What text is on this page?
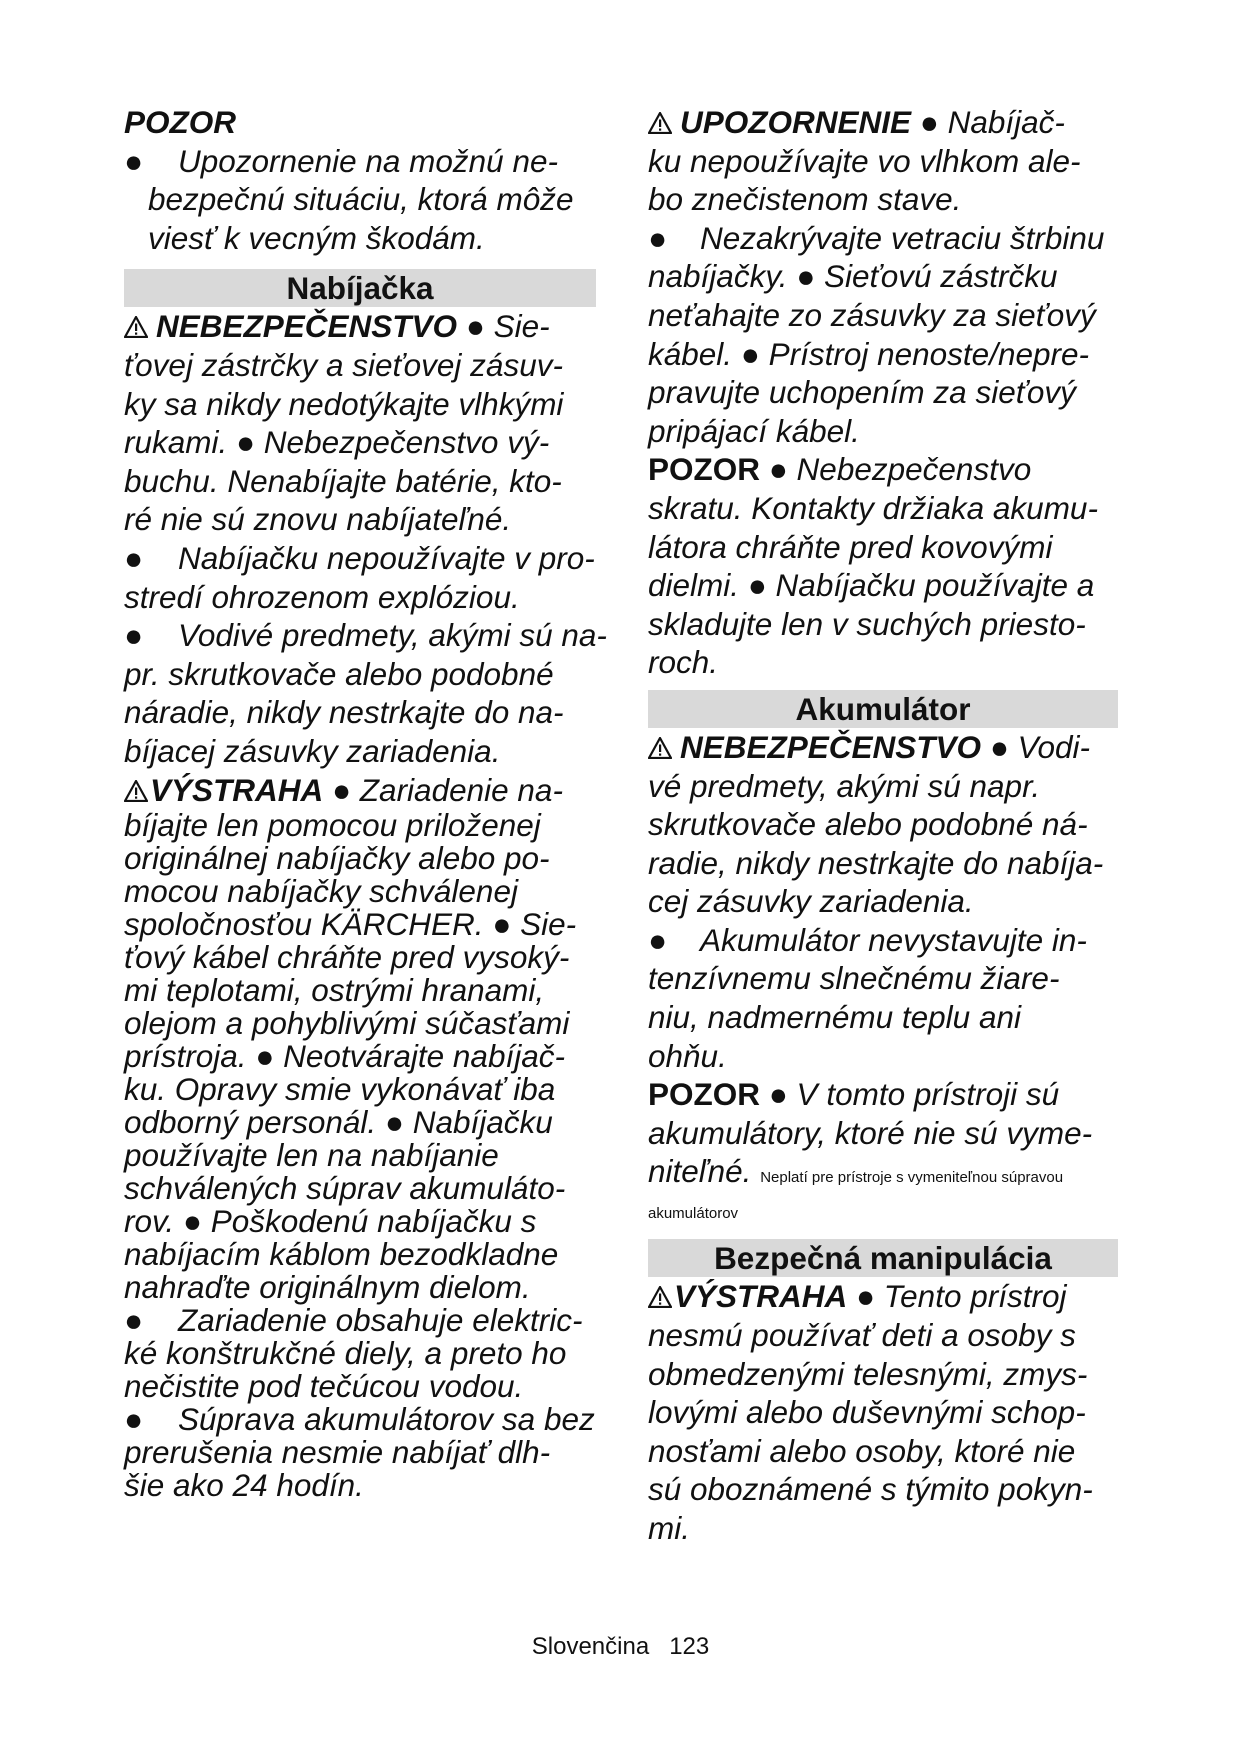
POZOR

● Upozornenie na možnú ne-

bezpečnú situáciu, ktorá môže

viesť k vecným škodám.

Nabíjačka

NEBEZPEČENSTVO ● Sie-

ťovej zástrčky a sieťovej zásuv-

ky sa nikdy nedotýkajte vlhkými

rukami. ● Nebezpečenstvo vý-

buchu. Nenabíjajte batérie, kto-

ré nie sú znovu nabíjateľné.

● Nabíjačku nepoužívajte v pro-

stredí ohrozenom explóziou.

● Vodivé predmety, akými sú na-

pr. skrutkovače alebo podobné

náradie, nikdy nestrkajte do na-

bíjacej zásuvky zariadenia.

VÝSTRAHA ● Zariadenie na-

bíjajte len pomocou priloženej

originálnej nabíjačky alebo po-

mocou nabíjačky schválenej

spoločnosťou KÄRCHER. ● Sie-

ťový kábel chráňte pred vysoký-

mi teplotami, ostrými hranami,

olejom a pohyblivými súčasťami

prístroja. ● Neotvárajte nabíjač-

ku. Opravy smie vykonávať iba

odborný personál. ● Nabíjačku

používajte len na nabíjanie

schválených súprav akumuláto-

rov. ● Poškodenú nabíjačku s

nabíjacím káblom bezodkladne

nahraďte originálnym dielom.

● Zariadenie obsahuje elektric-

ké konštrukčné diely, a preto ho

nečistite pod tečúcou vodou.

● Súprava akumulátorov sa bez

prerušenia nesmie nabíjať dlh-

šie ako 24 hodín.

UPOZORNENIE ● Nabíjač-

ku nepoužívajte vo vlhkom ale-

bo znečistenom stave.

● Nezakrývajte vetraciu štrbinu

nabíjačky. ● Sieťovú zástrčku

neťahajte zo zásuvky za sieťový

kábel. ● Prístroj nenoste/nepre-

pravujte uchopením za sieťový

pripájací kábel.

POZOR ● Nebezpečenstvo

skratu. Kontakty držiaka akumu-

látora chráňte pred kovovými

dielmi. ● Nabíjačku používajte a

skladujte len v suchých priesto-

roch.

Akumulátor

NEBEZPEČENSTVO ● Vodi-

vé predmety, akými sú napr.

skrutkovače alebo podobné ná-

radie, nikdy nestrkajte do nabíja-

cej zásuvky zariadenia.

● Akumulátor nevystavujte in-

tenzívnemu slnečnému žiare-

niu, nadmernému teplu ani

ohňu.

POZOR ● V tomto prístroji sú

akumulátory, ktoré nie sú vyme-

niteľné. Neplatí pre prístroje s vymeniteľnou súpravou

akumulátorov

Bezpečná manipulácia

VÝSTRAHA ● Tento prístroj

nesmú používať deti a osoby s

obmedzenými telesnými, zmys-

lovými alebo duševnými schop-

nosťami alebo osoby, ktoré nie

sú oboznámené s týmito pokyn-

mi.

Slovenčina 123
